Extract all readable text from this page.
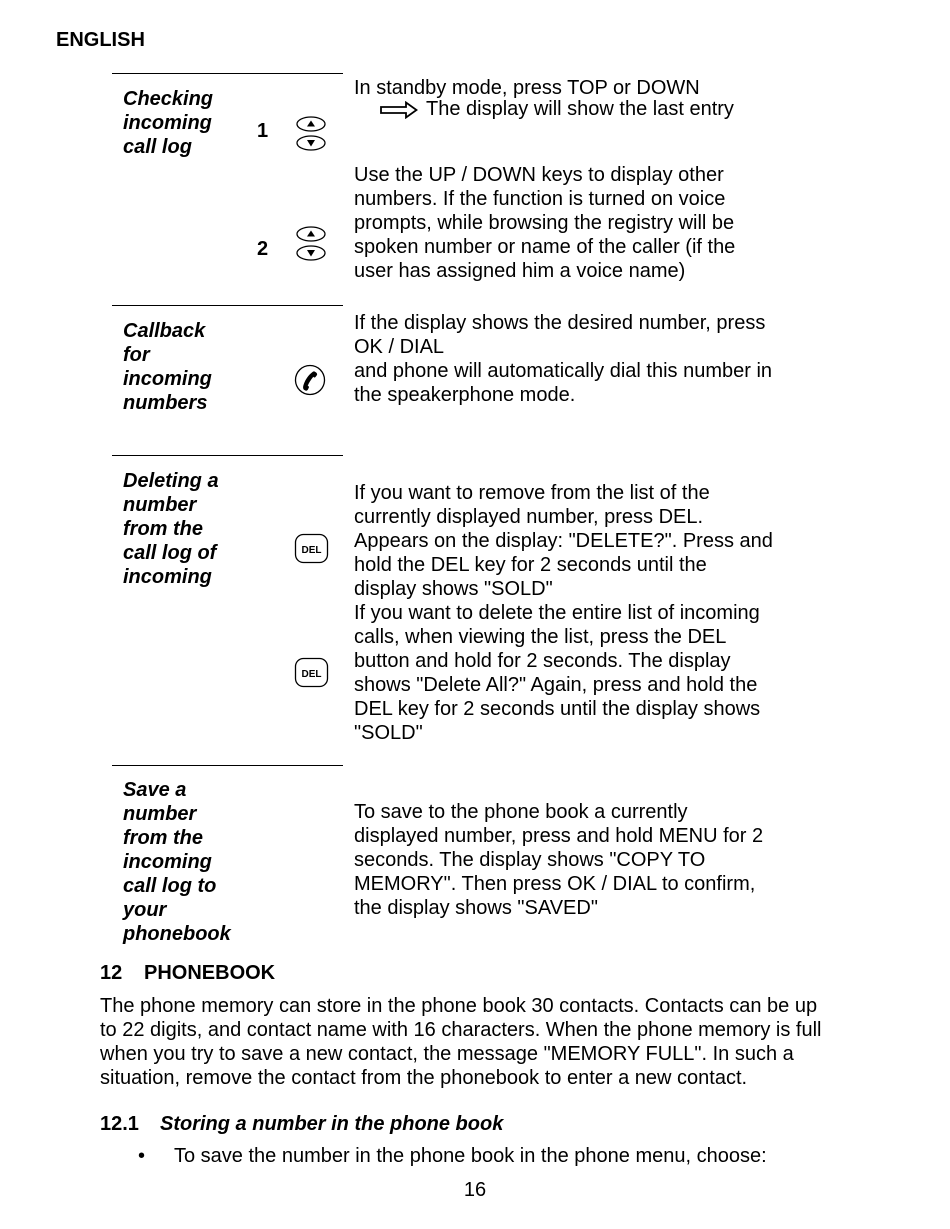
ENGLISH
Checking
incoming
call log
1
In standby mode, press TOP or DOWN
The display will show the last entry
2
Use the UP / DOWN keys to display other
numbers. If the function is turned on voice
prompts, while browsing the registry will be
spoken number or name of the caller (if the
user has assigned him a voice name)
Callback
for
incoming
numbers
If the display shows the desired number, press
OK / DIAL
and phone will automatically dial this number in
the speakerphone mode.
Deleting a
number
from the
call log of
incoming
DEL
DEL
If you want to remove from the list of the
currently displayed number, press DEL.
Appears on the display: "DELETE?". Press and
hold the DEL key for 2 seconds until the
display shows "SOLD"
If you want to delete the entire list of incoming
calls, when viewing the list, press the DEL
button and hold for 2 seconds. The display
shows "Delete All?" Again, press and hold the
DEL key for 2 seconds until the display shows
"SOLD"
Save a
number
from the
incoming
call log to
your
phonebook
To save to the phone book a currently
displayed number, press and hold MENU for 2
seconds. The display shows "COPY TO
MEMORY". Then press OK / DIAL to confirm,
the display shows "SAVED"
12 PHONEBOOK
The phone memory can store in the phone book 30 contacts. Contacts can be up
to 22 digits, and contact name with 16 characters. When the phone memory is full
when you try to save a new contact, the message "MEMORY FULL". In such a
situation, remove the contact from the phonebook to enter a new contact.
12.1 Storing a number in the phone book
•	To save the number in the phone book in the phone menu, choose:
16
